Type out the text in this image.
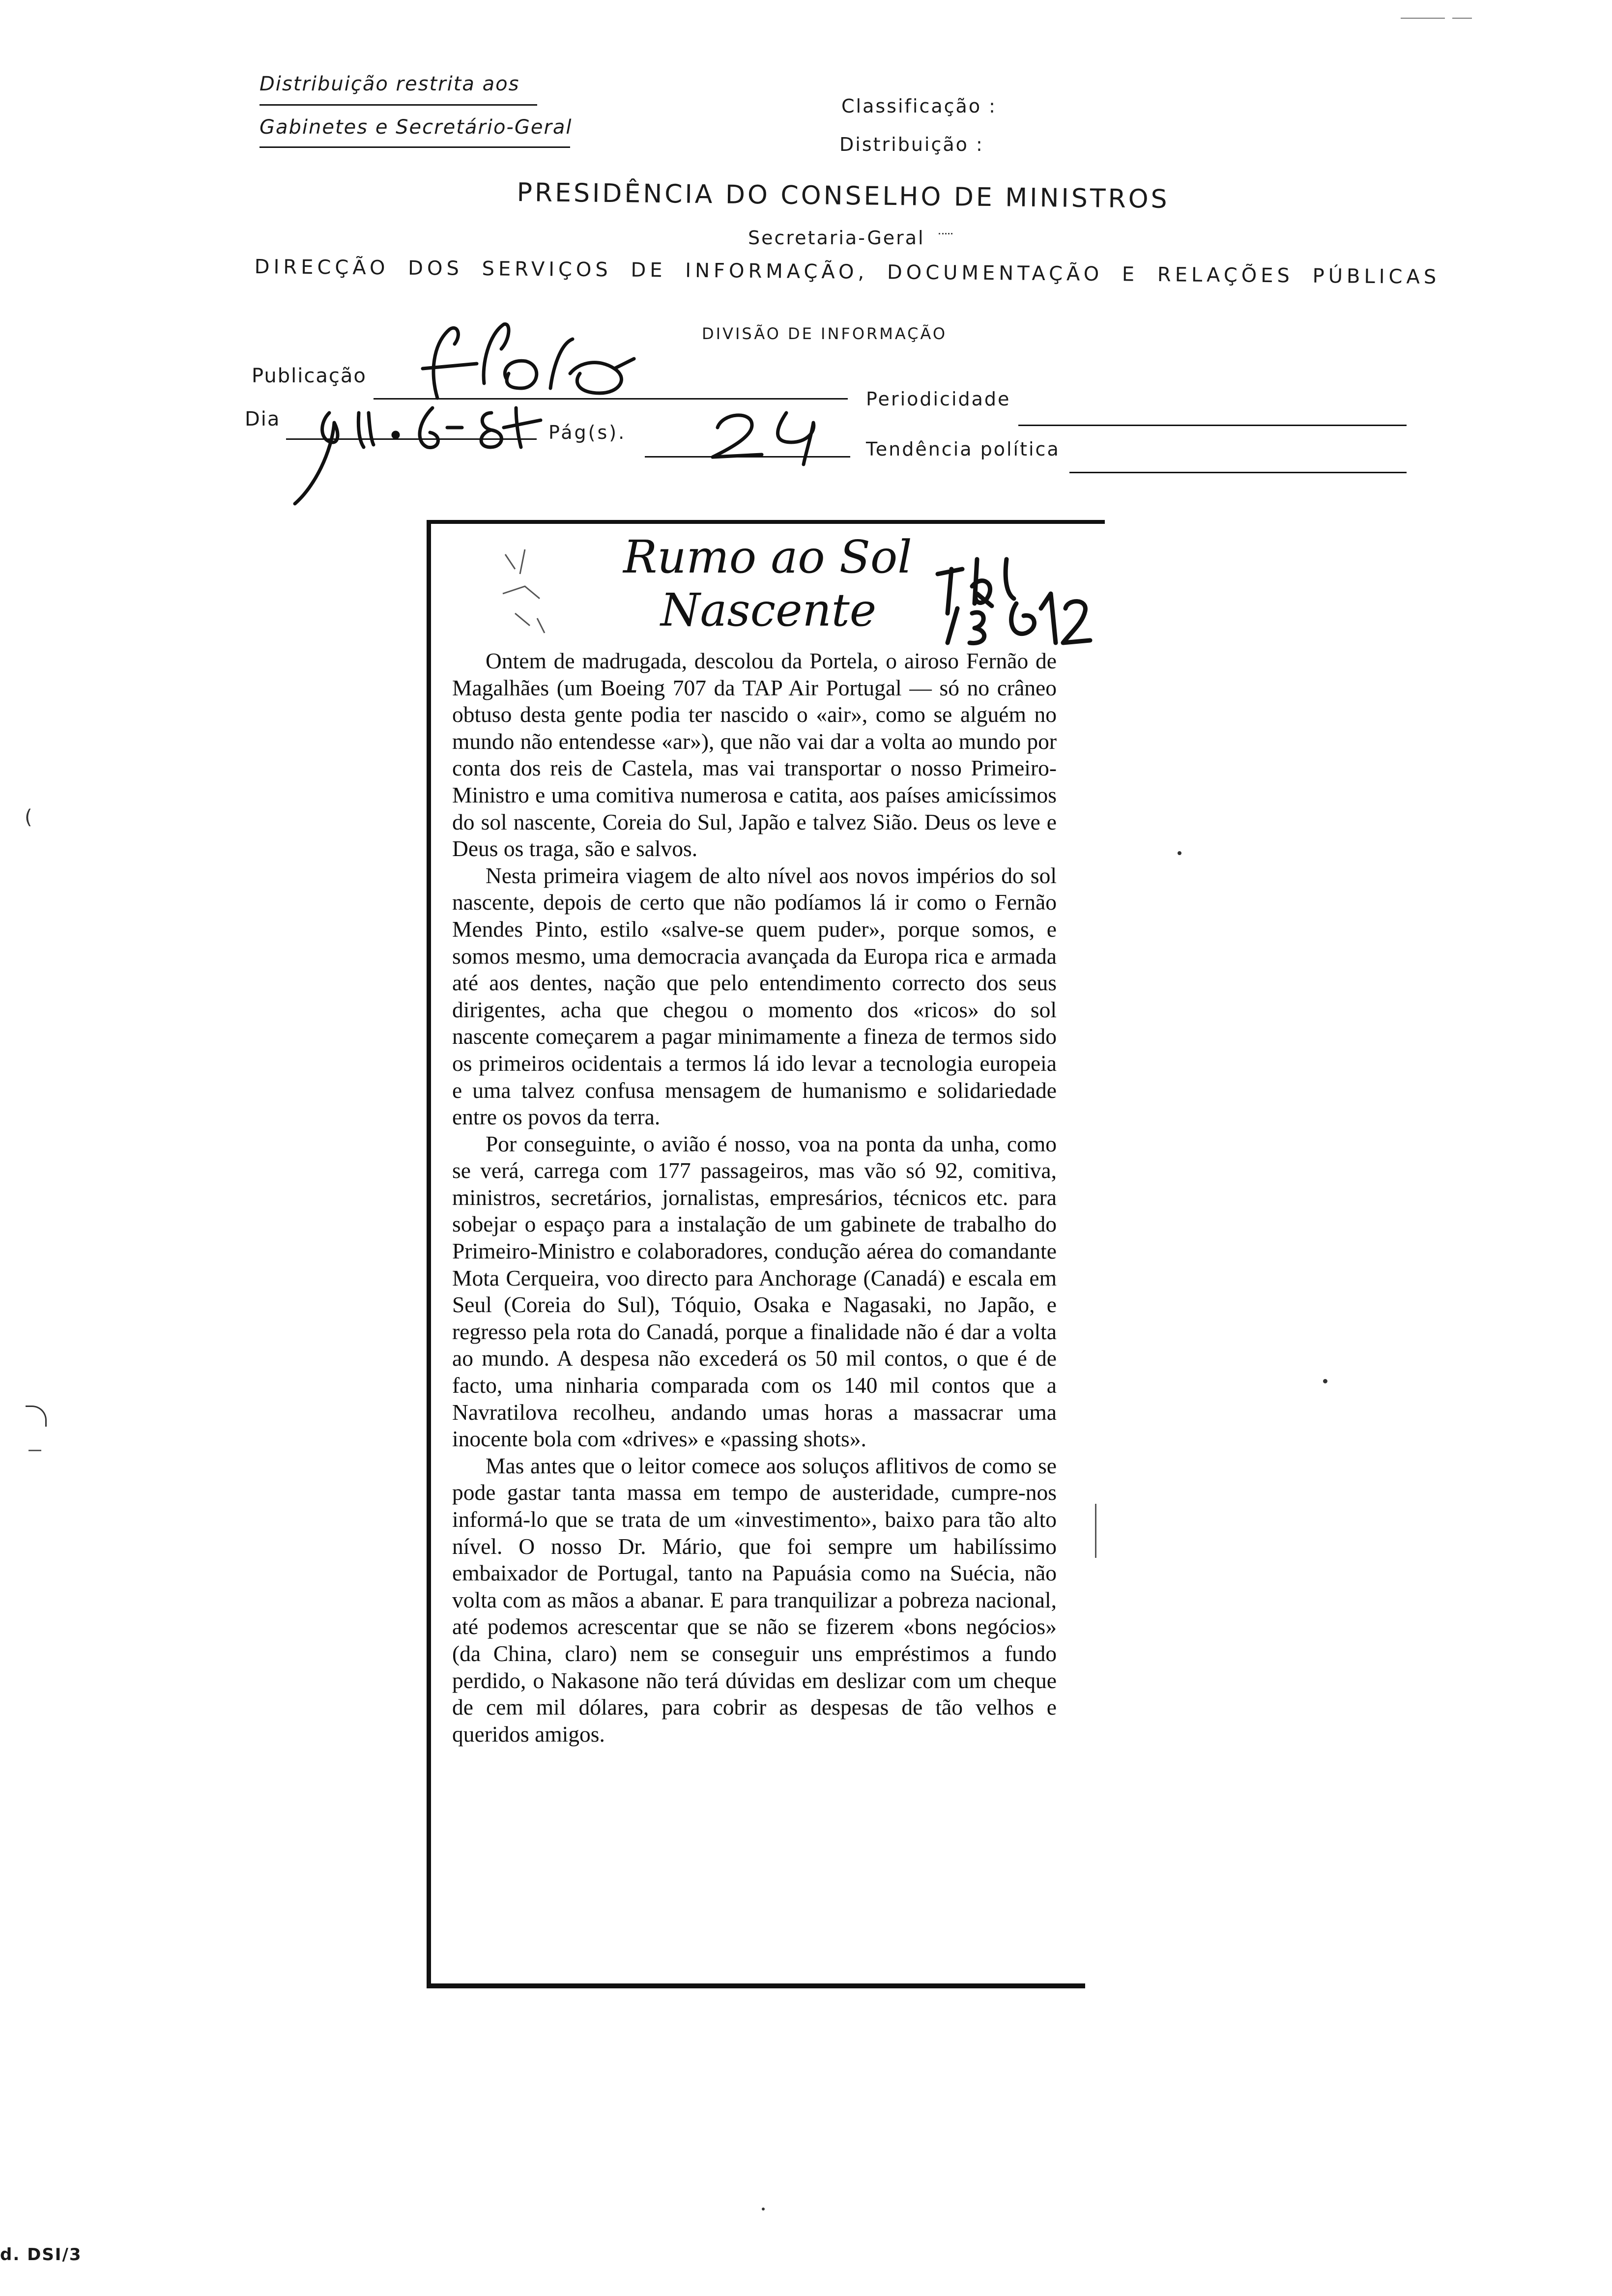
Distribuição restrita aos
Gabinetes e Secretário-Geral
Classificação :
Distribuição :
PRESIDÊNCIA DO CONSELHO DE MINISTROS
Secretaria-Geral
DIRECÇÃO DOS SERVIÇOS DE INFORMAÇÃO, DOCUMENTAÇÃO E RELAÇÕES PÚBLICAS
DIVISÃO DE INFORMAÇÃO
Publicação
Periodicidade
Dia
Pág(s).
Tendência política
Rumo ao Sol
Nascente

Ontem de madrugada, descolou da Portela, o airoso Fernão de Magalhães (um Boeing 707 da TAP Air Portugal — só no crâneo obtuso desta gente podia ter nascido o «air», como se alguém no mundo não entendesse «ar»), que não vai dar a volta ao mundo por conta dos reis de Castela, mas vai transportar o nosso Primeiro-Ministro e uma comitiva numerosa e catita, aos países amicíssimos do sol nascente, Coreia do Sul, Japão e talvez Sião. Deus os leve e Deus os traga, são e salvos.

Nesta primeira viagem de alto nível aos novos impérios do sol nascente, depois de certo que não podíamos lá ir como o Fernão Mendes Pinto, estilo «salve-se quem puder», porque somos, e somos mesmo, uma democracia avançada da Europa rica e armada até aos dentes, nação que pelo entendimento correcto dos seus dirigentes, acha que chegou o momento dos «ricos» do sol nascente começarem a pagar minimamente a fineza de termos sido os primeiros ocidentais a termos lá ido levar a tecnologia europeia e uma talvez confusa mensagem de humanismo e solidariedade entre os povos da terra.

Por conseguinte, o avião é nosso, voa na ponta da unha, como se verá, carrega com 177 passageiros, mas vão só 92, comitiva, ministros, secretários, jornalistas, empresários, técnicos etc. para sobejar o espaço para a instalação de um gabinete de trabalho do Primeiro-Ministro e colaboradores, condução aérea do comandante Mota Cerqueira, voo directo para Anchorage (Canadá) e escala em Seul (Coreia do Sul), Tóquio, Osaka e Nagasaki, no Japão, e regresso pela rota do Canadá, porque a finalidade não é dar a volta ao mundo. A despesa não excederá os 50 mil contos, o que é de facto, uma ninharia comparada com os 140 mil contos que a Navratilova recolheu, andando umas horas a massacrar uma inocente bola com «drives» e «passing shots».

Mas antes que o leitor comece aos soluços aflitivos de como se pode gastar tanta massa em tempo de austeridade, cumpre-nos informá-lo que se trata de um «investimento», baixo para tão alto nível. O nosso Dr. Mário, que foi sempre um habilíssimo embaixador de Portugal, tanto na Papuásia como na Suécia, não volta com as mãos a abanar. E para tranquilizar a pobreza nacional, até podemos acrescentar que se não se fizerem «bons negócios» (da China, claro) nem se conseguir uns empréstimos a fundo perdido, o Nakasone não terá dúvidas em deslizar com um cheque de cem mil dólares, para cobrir as despesas de tão velhos e queridos amigos.

(
d. DSI/3
